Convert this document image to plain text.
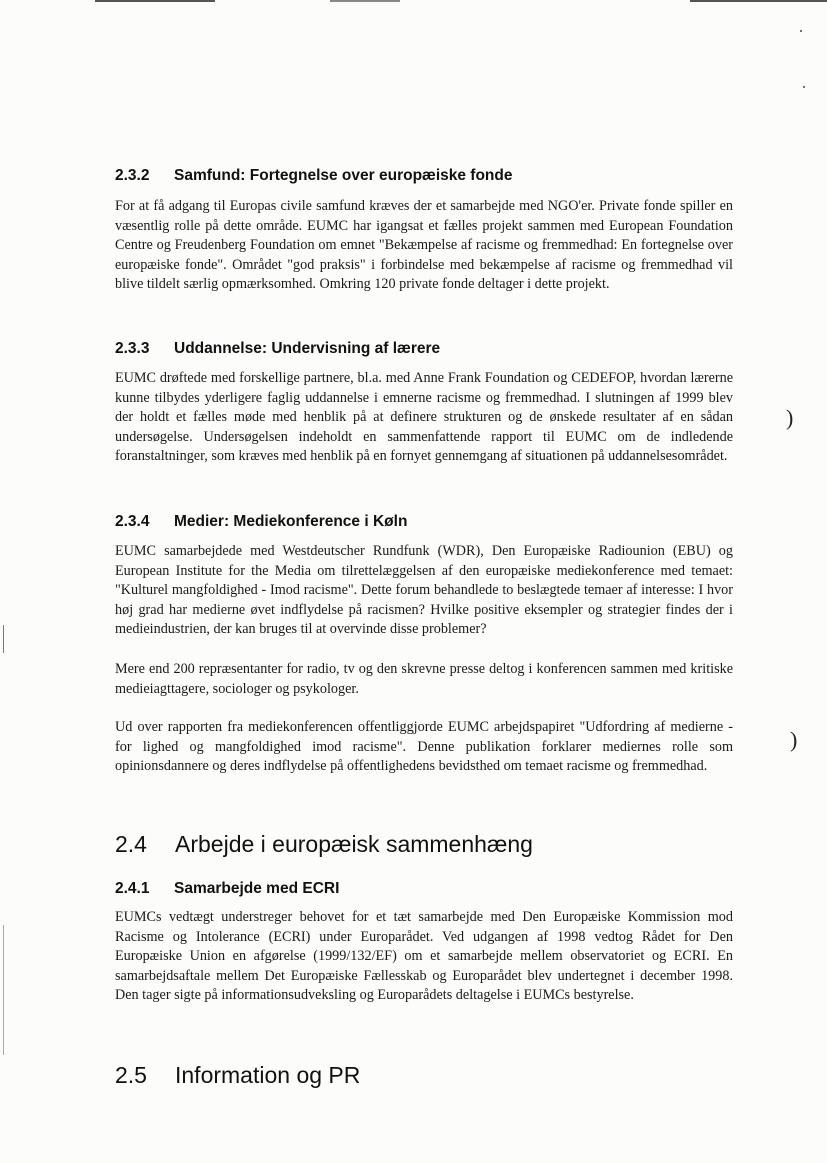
2.3.2 Samfund: Fortegnelse over europæiske fonde

For at få adgang til Europas civile samfund kræves der et samarbejde med NGO'er. Private fonde spiller en væsentlig rolle på dette område. EUMC har igangsat et fælles projekt sammen med European Foundation Centre og Freudenberg Foundation om emnet "Bekæmpelse af racisme og fremmedhad: En fortegnelse over europæiske fonde". Området "god praksis" i forbindelse med bekæmpelse af racisme og fremmedhad vil blive tildelt særlig opmærksomhed. Omkring 120 private fonde deltager i dette projekt.

2.3.3 Uddannelse: Undervisning af lærere

EUMC drøftede med forskellige partnere, bl.a. med Anne Frank Foundation og CEDEFOP, hvordan lærerne kunne tilbydes yderligere faglig uddannelse i emnerne racisme og fremmedhad. I slutningen af 1999 blev der holdt et fælles møde med henblik på at definere strukturen og de ønskede resultater af en sådan undersøgelse. Undersøgelsen indeholdt en sammenfattende rapport til EUMC om de indledende foranstaltninger, som kræves med henblik på en fornyet gennemgang af situationen på uddannelsesområdet.

2.3.4 Medier: Mediekonference i Køln

EUMC samarbejdede med Westdeutscher Rundfunk (WDR), Den Europæiske Radiounion (EBU) og European Institute for the Media om tilrettelæggelsen af den europæiske mediekonference med temaet: "Kulturel mangfoldighed - Imod racisme". Dette forum behandlede to beslægtede temaer af interesse: I hvor høj grad har medierne øvet indflydelse på racismen? Hvilke positive eksempler og strategier findes der i medieindustrien, der kan bruges til at overvinde disse problemer?

Mere end 200 repræsentanter for radio, tv og den skrevne presse deltog i konferencen sammen med kritiske medieiagttagere, sociologer og psykologer.

Ud over rapporten fra mediekonferencen offentliggjorde EUMC arbejdspapiret "Udfordring af medierne - for lighed og mangfoldighed imod racisme". Denne publikation forklarer mediernes rolle som opinionsdannere og deres indflydelse på offentlighedens bevidsthed om temaet racisme og fremmedhad.

2.4 Arbejde i europæisk sammenhæng
2.4.1 Samarbejde med ECRI

EUMCs vedtægt understreger behovet for et tæt samarbejde med Den Europæiske Kommission mod Racisme og Intolerance (ECRI) under Europarådet. Ved udgangen af 1998 vedtog Rådet for Den Europæiske Union en afgørelse (1999/132/EF) om et samarbejde mellem observatoriet og ECRI. En samarbejdsaftale mellem Det Europæiske Fællesskab og Europarådet blev undertegnet i december 1998. Den tager sigte på informationsudveksling og Europarådets deltagelse i EUMCs bestyrelse.

2.5 Information og PR
)
)
